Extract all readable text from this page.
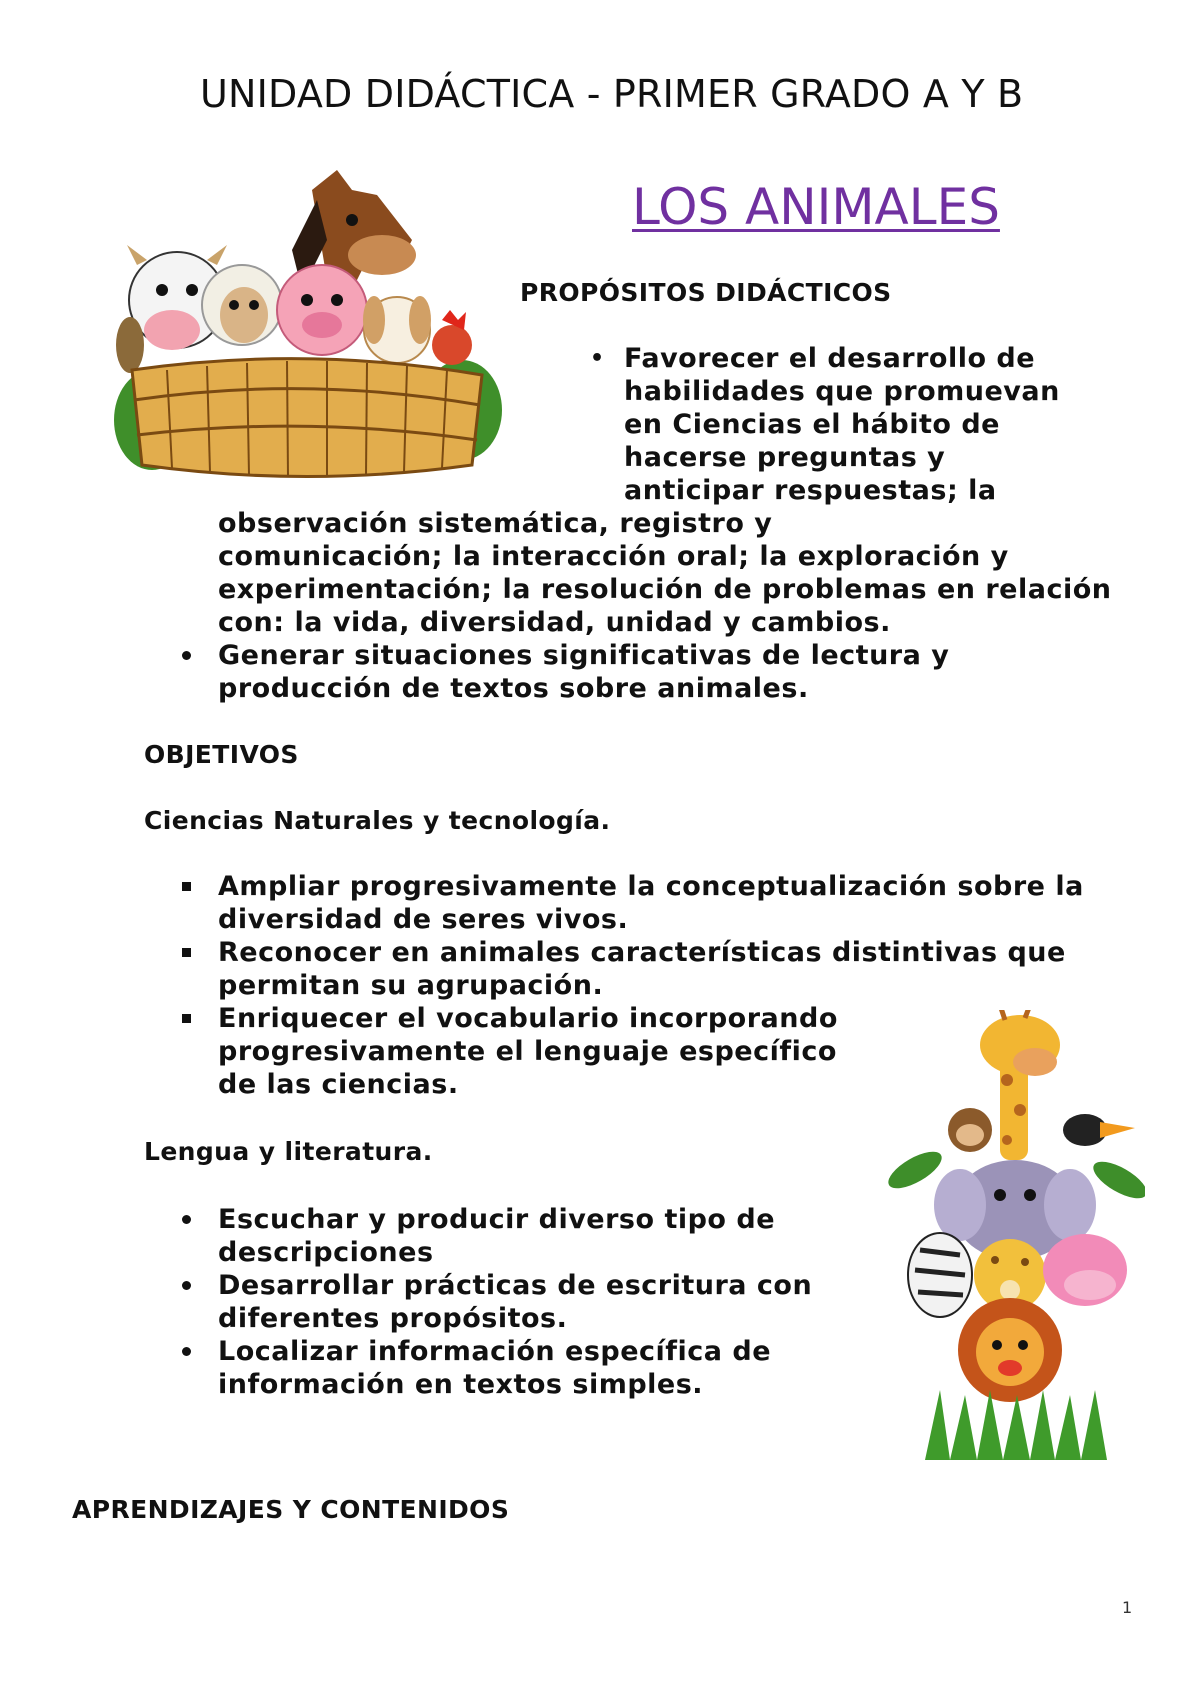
UNIDAD DIDÁCTICA - PRIMER GRADO A Y B
LOS ANIMALES
PROPÓSITOS DIDÁCTICOS
• Favorecer el desarrollo de
habilidades que promuevan
en Ciencias el hábito de
hacerse preguntas y
anticipar respuestas; la
observación sistemática, registro y
comunicación; la interacción oral; la exploración y
experimentación; la resolución de problemas en relación
con: la vida, diversidad, unidad y cambios.
Generar situaciones significativas de lectura y producción de textos sobre animales.
OBJETIVOS
Ciencias Naturales y tecnología.
Ampliar progresivamente la conceptualización sobre la diversidad de seres vivos.
Reconocer en animales características distintivas que permitan su agrupación.
Enriquecer el vocabulario incorporando progresivamente el lenguaje específico de las ciencias.
Lengua y literatura.
Escuchar y producir diverso tipo de descripciones
Desarrollar prácticas de escritura con diferentes propósitos.
Localizar información específica de información en textos simples.
APRENDIZAJES Y CONTENIDOS
1
